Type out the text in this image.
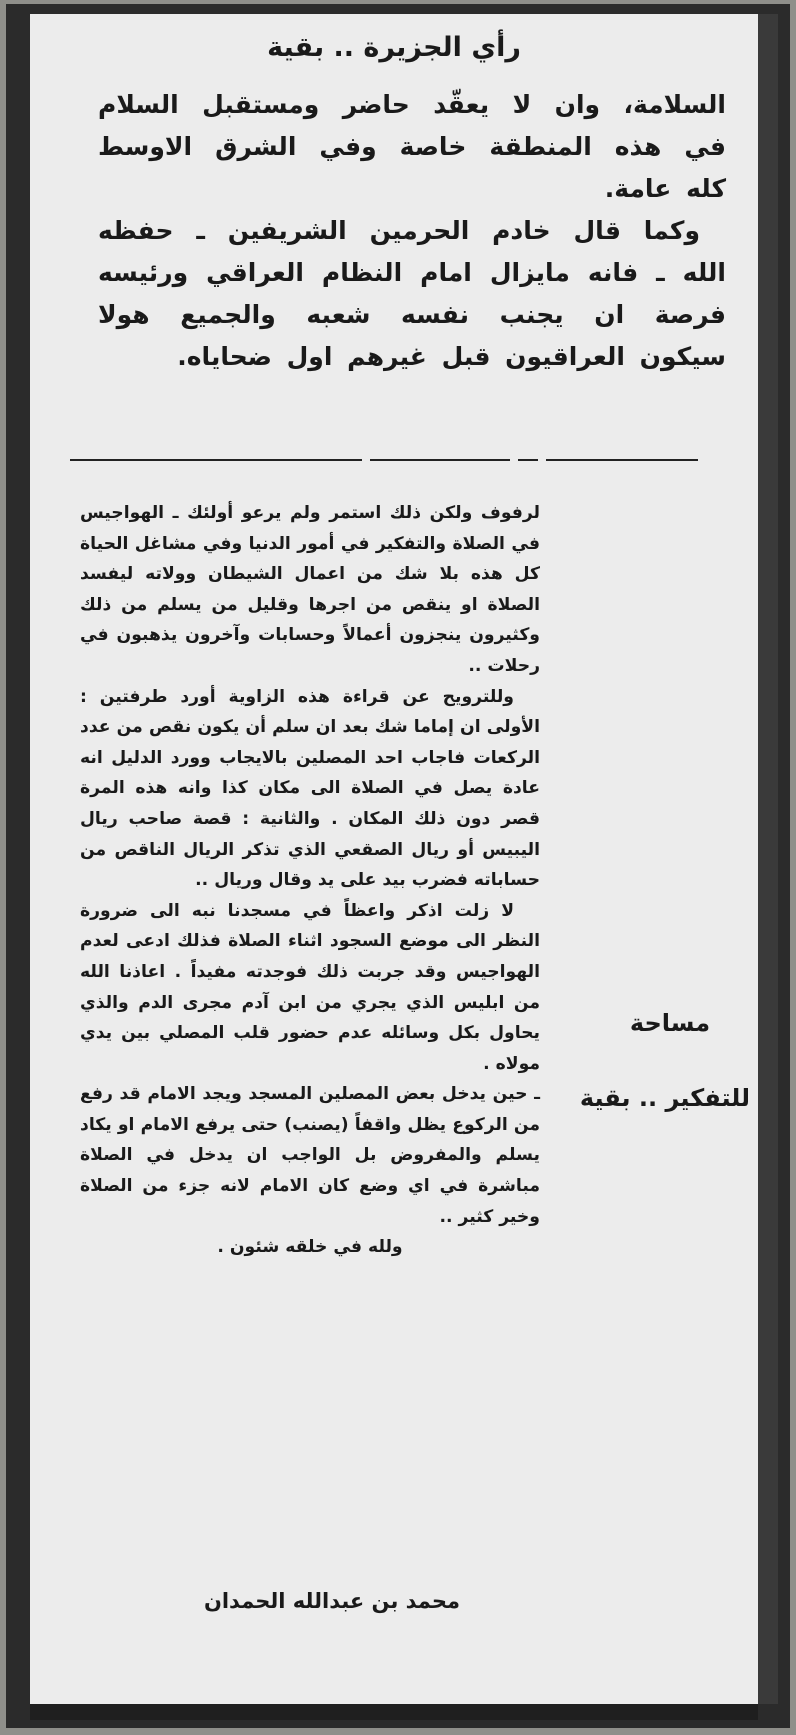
رأي الجزيرة .. بقية

السلامة، وان لا يعقّد حاضر ومستقبل السلام في هذه المنطقة خاصة وفي الشرق الاوسط كله عامة.

وكما قال خادم الحرمين الشريفين ـ حفظه الله ـ فانه مايزال امام النظام العراقي ورئيسه فرصة ان يجنب نفسه شعبه والجميع هولا سيكون العراقيون قبل غيرهم اول ضحاياه.

لرفوف ولكن ذلك استمر ولم يرعو أولئك ـ الهواجيس في الصلاة والتفكير في أمور الدنيا وفي مشاغل الحياة كل هذه بلا شك من اعمال الشيطان وولاته ليفسد الصلاة او ينقص من اجرها وقليل من يسلم من ذلك وكثيرون ينجزون أعمالاً وحسابات وآخرون يذهبون في رحلات ..

وللترويح عن قراءة هذه الزاوية أورد طرفتين : الأولى ان إماما شك بعد ان سلم أن يكون نقص من عدد الركعات فاجاب احد المصلين بالايجاب وورد الدليل انه عادة يصل في الصلاة الى مكان كذا وانه هذه المرة قصر دون ذلك المكان . والثانية : قصة صاحب ريال اليبيس أو ريال الصقعي الذي تذكر الريال الناقص من حساباته فضرب بيد على يد وقال وريال ..

لا زلت اذكر واعظاً في مسجدنا نبه الى ضرورة النظر الى موضع السجود اثناء الصلاة فذلك ادعى لعدم الهواجيس وقد جربت ذلك فوجدته مفيداً . اعاذنا الله من ابليس الذي يجري من ابن آدم مجرى الدم والذي يحاول بكل وسائله عدم حضور قلب المصلي بين يدي مولاه .

ـ حين يدخل بعض المصلين المسجد ويجد الامام قد رفع من الركوع يظل واقفاً (يصنب) حتى يرفع الامام او يكاد يسلم والمفروض بل الواجب ان يدخل في الصلاة مباشرة في اي وضع كان الامام لانه جزء من الصلاة وخير كثير ..

ولله في خلقه شئون .

محمد بن عبدالله الحمدان
مساحة
للتفكير .. بقية
